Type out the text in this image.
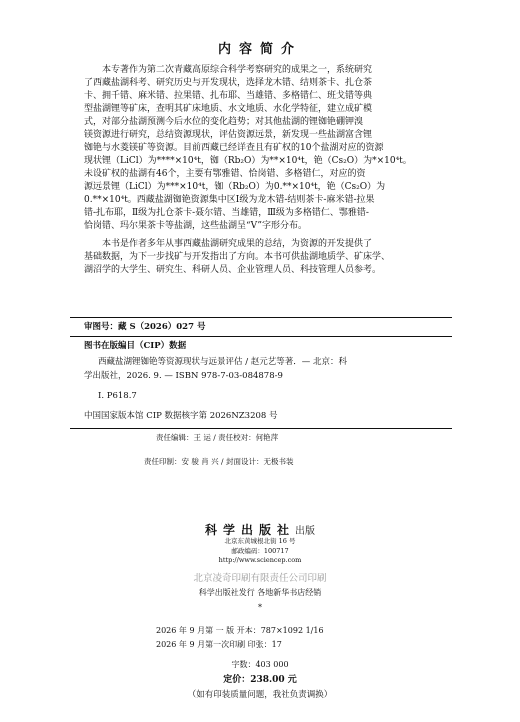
内容简介
本专著作为第二次青藏高原综合科学考察研究的成果之一，系统研究
了西藏盐湖科考、研究历史与开发现状，选择龙木错、结则茶卡、扎仓茶
卡、拥千错、麻米错、拉果错、扎布耶、当雄错、多格错仁、班戈错等典
型盐湖锂等矿床，查明其矿床地质、水文地质、水化学特征，建立成矿模
式，对部分盐湖预测今后水位的变化趋势；对其他盐湖的锂铷铯硼钾溴
镁资源进行研究，总结资源现状，评估资源远景，新发现一些盐湖富含锂
铷铯与水菱镁矿等资源。目前西藏已经详查且有矿权的10个盐湖对应的资源
现状锂（LiCl）为****×10⁴t，铷（Rb₂O）为**×10⁴t，铯（Cs₂O）为*×10⁴t。
未设矿权的盐湖有46个，主要有鄂雅错、恰岗错、多格错仁，对应的资
源远景锂（LiCl）为***×10⁴t，铷（Rb₂O）为0.**×10⁴t，铯（Cs₂O）为
0.**×10⁴t。西藏盐湖铷铯资源集中区Ⅰ级为龙木错-结则茶卡-麻米错-拉果
错-扎布耶，Ⅱ级为扎仓茶卡-聂尔错、当雄错，Ⅲ级为多格错仁、鄂雅错-
恰岗错、玛尔果茶卡等盐湖，这些盐湖呈“V”字形分布。
本书是作者多年从事西藏盐湖研究成果的总结，为资源的开发提供了
基础数据，为下一步找矿与开发指出了方向。本书可供盐湖地质学、矿床学、
湖沼学的大学生、研究生、科研人员、企业管理人员、科技管理人员参考。
审图号：藏 S（2026）027 号
图书在版编目（CIP）数据
西藏盐湖锂铷铯等资源现状与远景评估 / 赵元艺等著．— 北京：科
学出版社，2026. 9. — ISBN 978-7-03-084878-9
Ⅰ. P618.7
中国国家版本馆 CIP 数据核字第 2026NZ3208 号
责任编辑：王 运 / 责任校对：何艳萍
责任印制：安 骏 肖 兴 / 封面设计：无极书装
科学出版社出版
北京东黄城根北街 16 号
邮政编码：100717
http://www.sciencep.com
北京凌奇印刷有限责任公司印刷
科学出版社发行 各地新华书店经销
*
2026 年 9 月第 一 版 开本：787×1092 1/16
2026 年 9 月第一次印刷 印张：17
字数：403 000
定价：238.00 元
（如有印装质量问题，我社负责调换）
